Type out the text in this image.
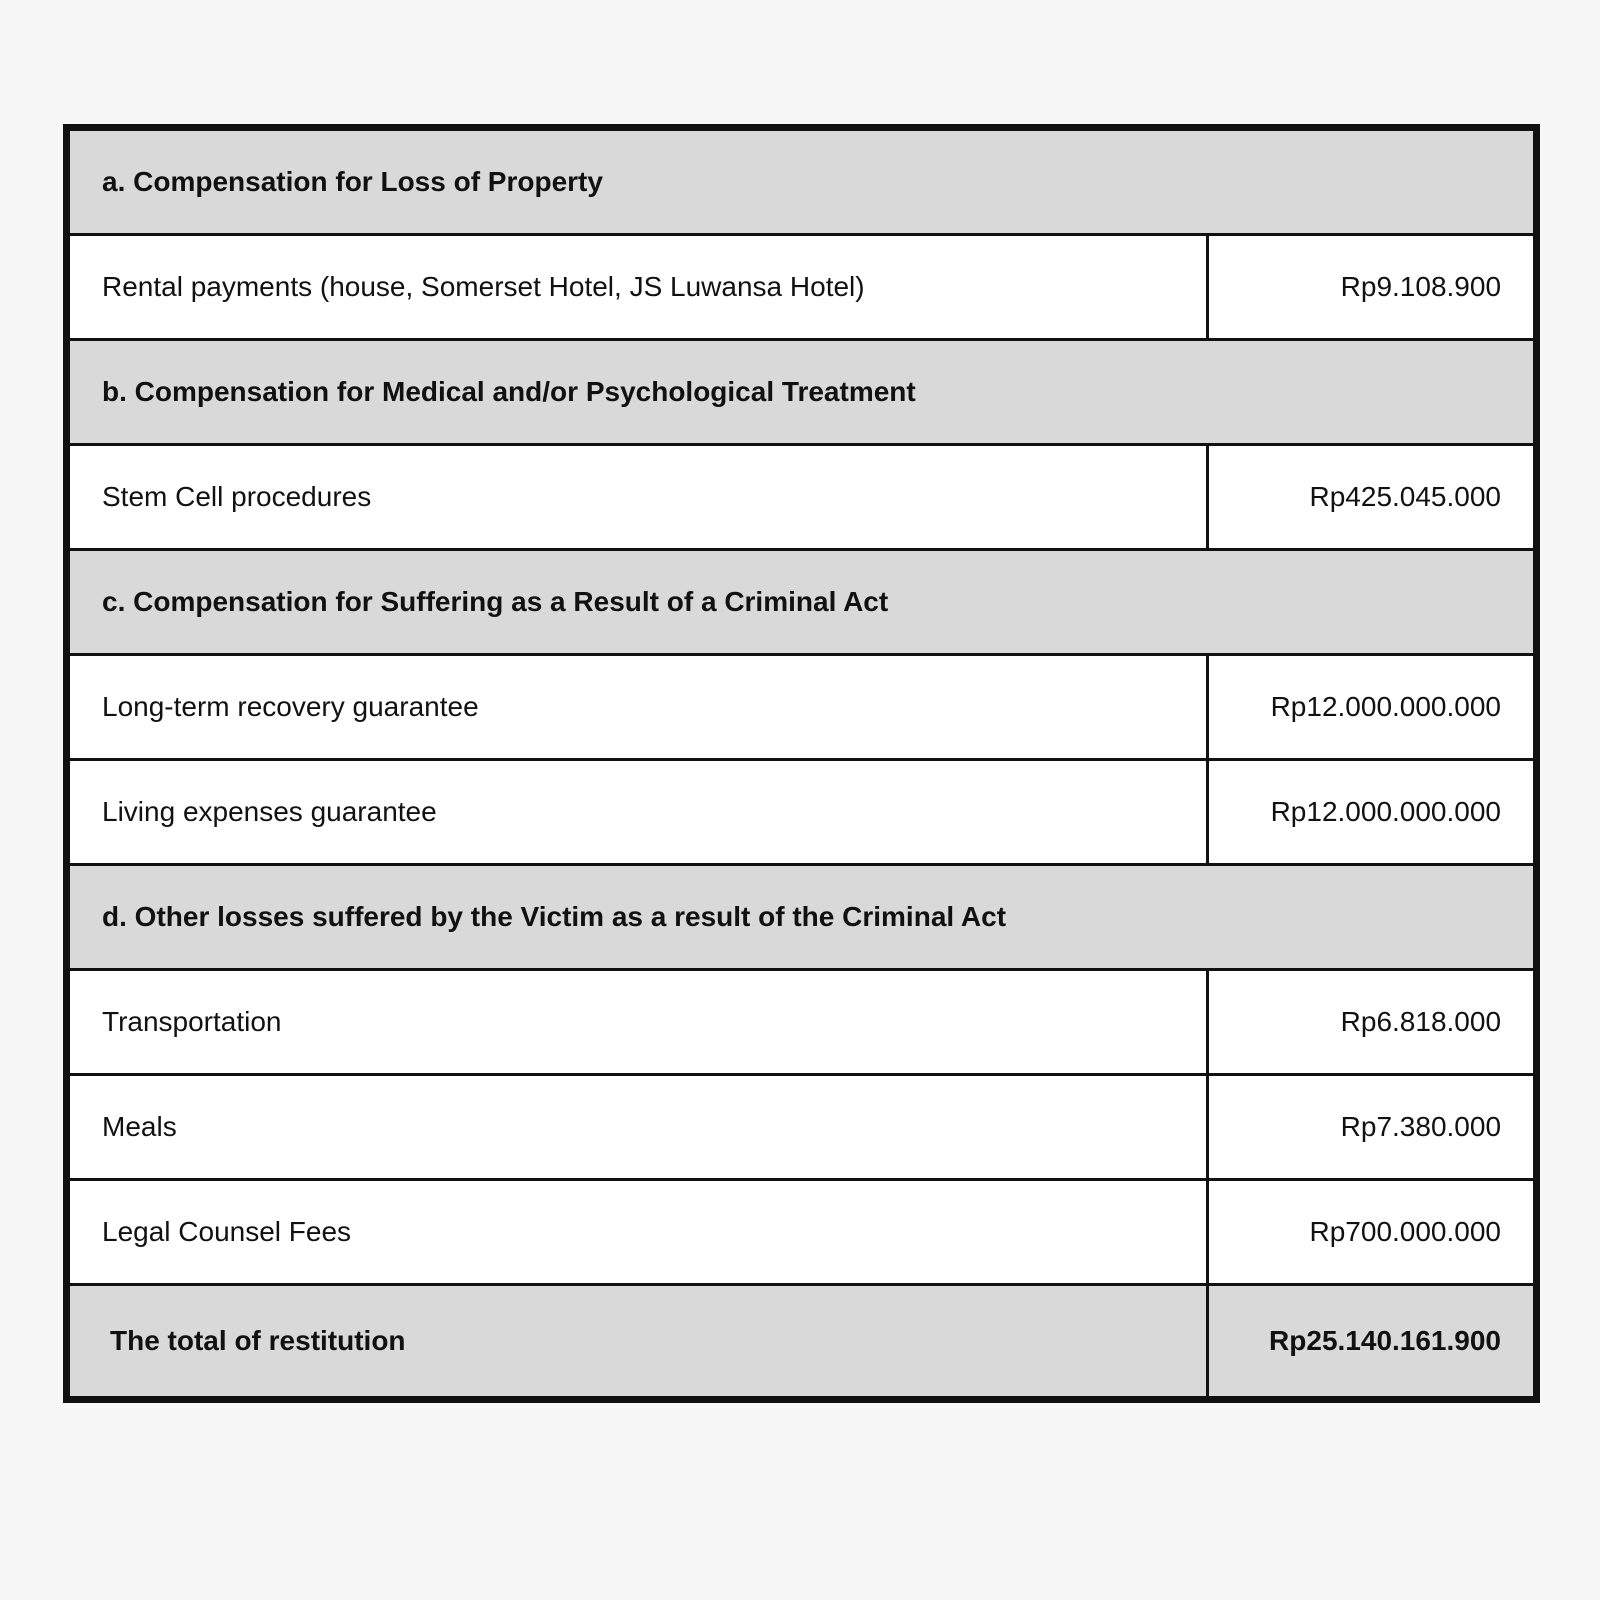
a. Compensation for Loss of Property	
Rental payments (house, Somerset Hotel, JS Luwansa Hotel)	Rp9.108.900
b. Compensation for Medical and/or Psychological Treatment	
Stem Cell procedures	Rp425.045.000
c. Compensation for Suffering as a Result of a Criminal Act	
Long-term recovery guarantee	Rp12.000.000.000
Living expenses guarantee	Rp12.000.000.000
d. Other losses suffered by the Victim as a result of the Criminal Act	
Transportation	Rp6.818.000
Meals	Rp7.380.000
Legal Counsel Fees	Rp700.000.000
The total of restitution	Rp25.140.161.900
